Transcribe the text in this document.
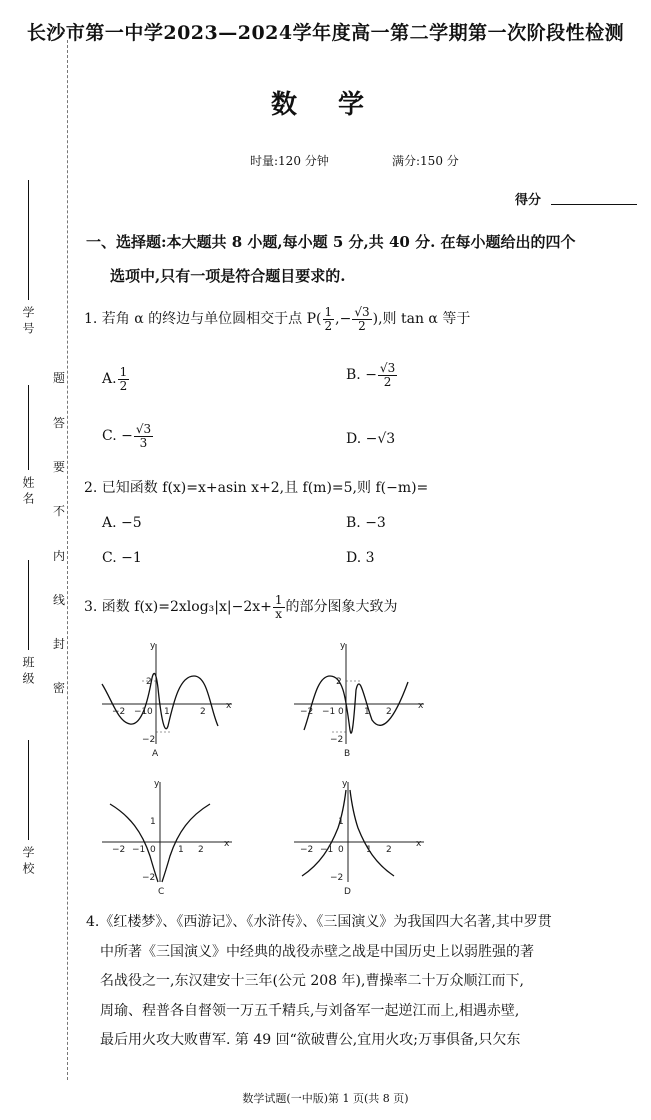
学 号
姓 名
班 级
学 校
题
答
要
不
内
线
封
密
长沙市第一中学2023—2024学年度高一第二学期第一次阶段性检测
数 学
时量:120 分钟	满分:150 分
得分
一、选择题:本大题共 8 小题,每小题 5 分,共 40 分. 在每小题给出的四个
选项中,只有一项是符合题目要求的.
1. 若角 α 的终边与单位圆相交于点 $P( \frac{1}{2}$ ,− $\frac{√3}{2}$ ),则 tan α 等于
A. $\frac{1}{2}$	B. − $\frac{√3}{2}$
C. − $\frac{√3}{3}$	D. −√3
2. 已知函数 f(x)=x+asin x+2,且 f(m)=5,则 f(−m)=
A. −5	B. −3
C. −1	D. 3
3. 函数 $f(x)=2xlog_3|x|-2x+ \frac{1}{x}$ 的部分图象大致为
y
x
−2 −1 0 1	2
2
−2
A
y
x
−2 −1 0 1 2
2
−2
B
y
x
−2 −1 0 1 2
1
−2
C
y
x
−2 −1 0 1 2
1
−2
D
4.《红楼梦》、《西游记》、《水浒传》、《三国演义》为我国四大名著,其中罗贯
中所著《三国演义》中经典的战役赤壁之战是中国历史上以弱胜强的著
名战役之一,东汉建安十三年(公元 208 年),曹操率二十万众顺江而下,
周瑜、程普各自督领一万五千精兵,与刘备军一起逆江而上,相遇赤壁,
最后用火攻大败曹军. 第 49 回“欲破曹公,宜用火攻;万事俱备,只欠东
数学试题(一中版)第 1 页(共 8 页)
